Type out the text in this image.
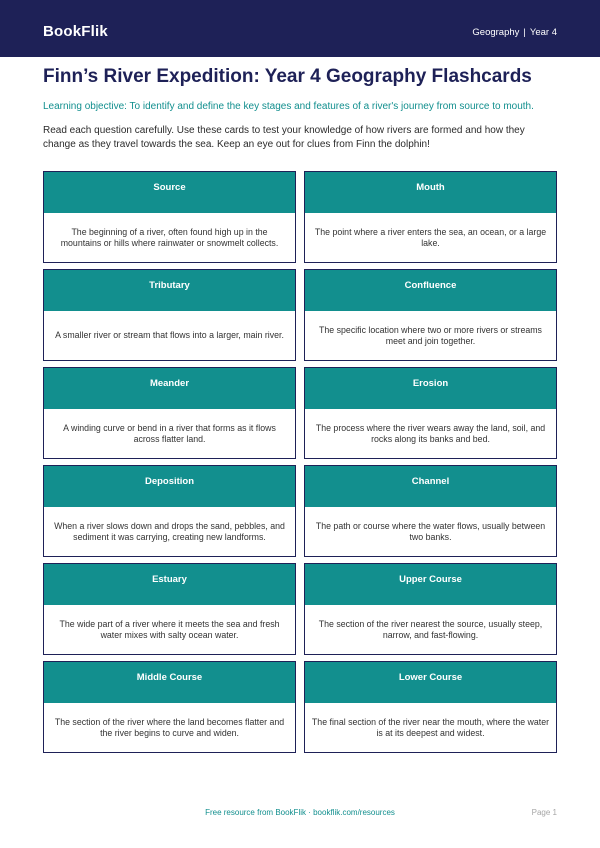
BookFlik	Geography | Year 4
Finn’s River Expedition: Year 4 Geography Flashcards

Learning objective: To identify and define the key stages and features of a river's journey from source to mouth.

Read each question carefully. Use these cards to test your knowledge of how rivers are formed and how they change as they travel towards the sea. Keep an eye out for clues from Finn the dolphin!

Source
The beginning of a river, often found high up in the mountains or hills where rainwater or snowmelt collects.
Mouth
The point where a river enters the sea, an ocean, or a large lake.
Tributary
A smaller river or stream that flows into a larger, main river.
Confluence
The specific location where two or more rivers or streams meet and join together.
Meander
A winding curve or bend in a river that forms as it flows across flatter land.
Erosion
The process where the river wears away the land, soil, and rocks along its banks and bed.
Deposition
When a river slows down and drops the sand, pebbles, and sediment it was carrying, creating new landforms.
Channel
The path or course where the water flows, usually between two banks.
Estuary
The wide part of a river where it meets the sea and fresh water mixes with salty ocean water.
Upper Course
The section of the river nearest the source, usually steep, narrow, and fast-flowing.
Middle Course
The section of the river where the land becomes flatter and the river begins to curve and widen.
Lower Course
The final section of the river near the mouth, where the water is at its deepest and widest.
Free resource from BookFlik · bookflik.com/resources	Page 1
